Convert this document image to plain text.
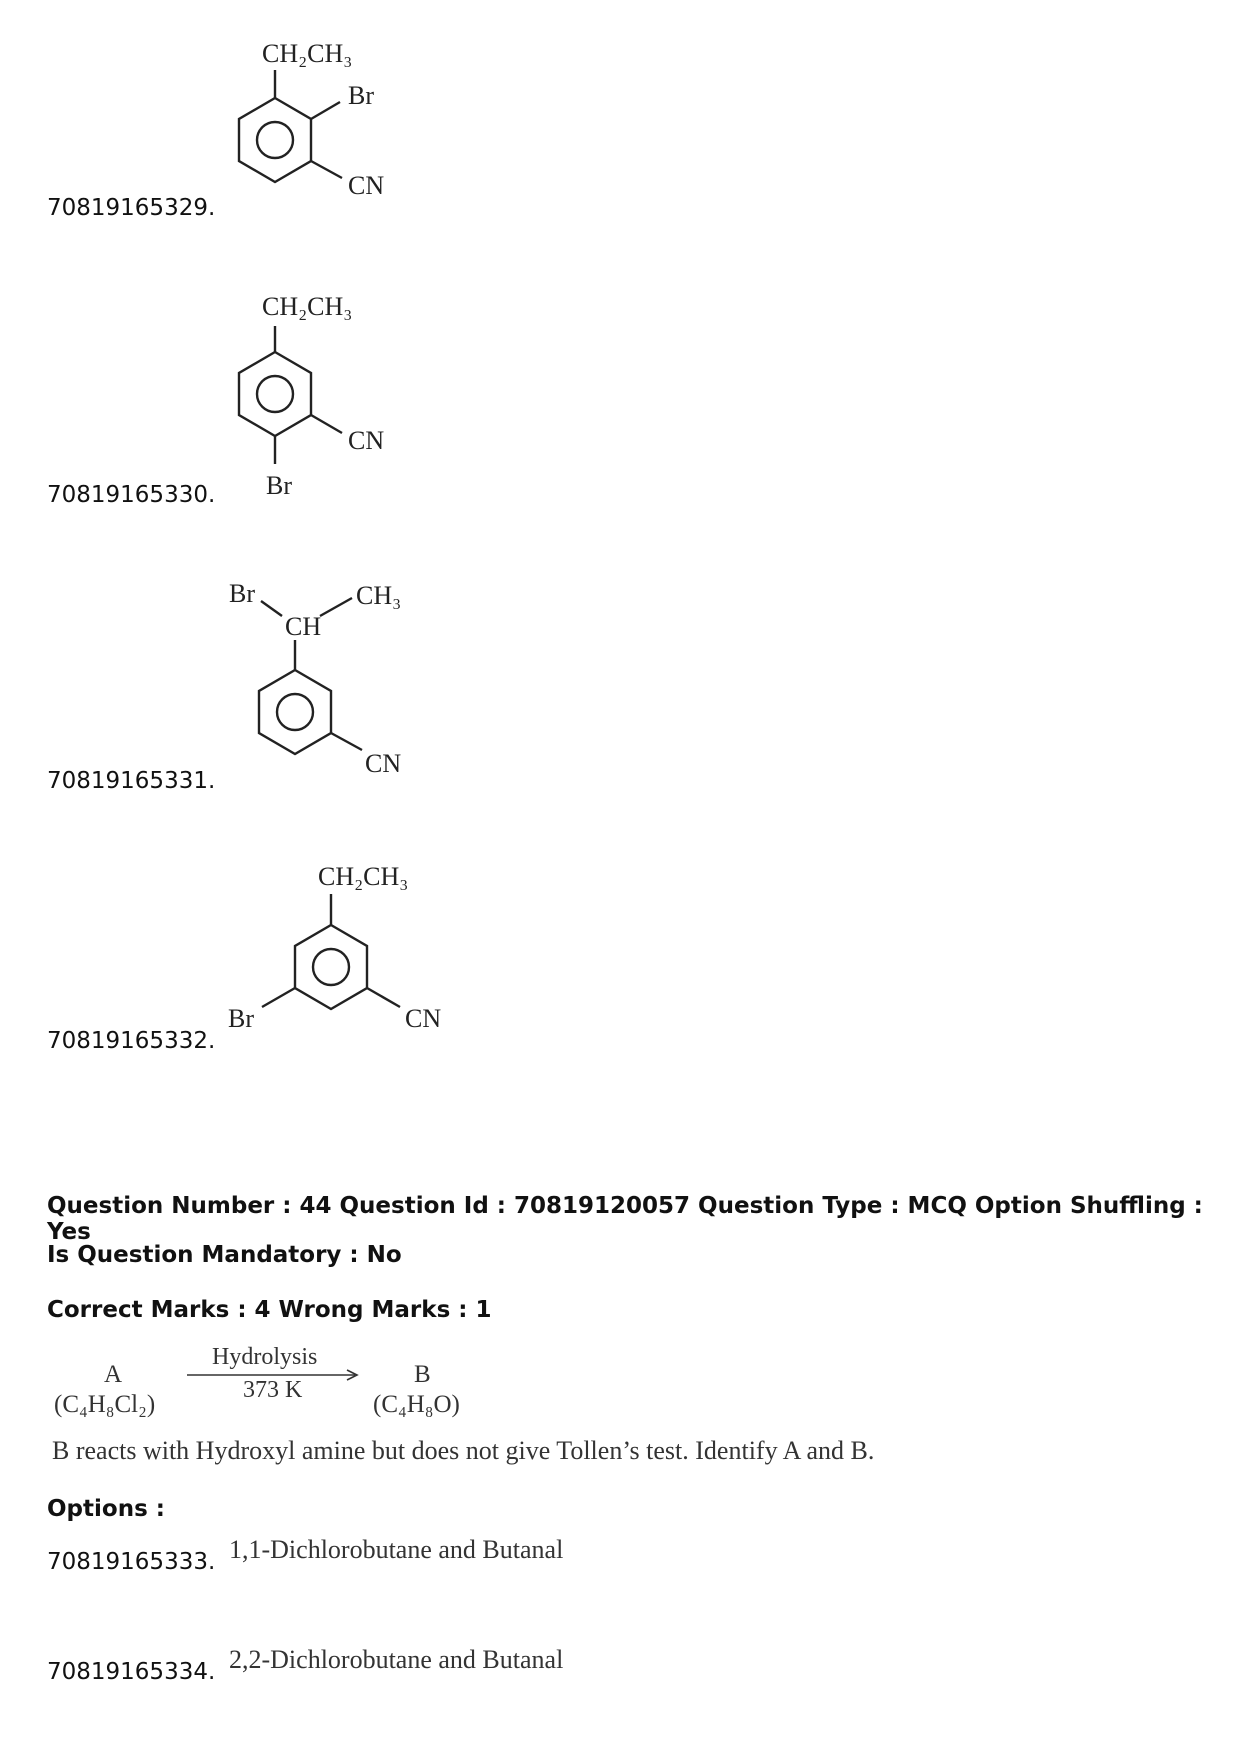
70819165329.
CH₂CH₃
Br
CN
70819165330.
CH₂CH₃
CN
Br
70819165331.
Br
CH
CH₃
CN
70819165332.
CH₂CH₃
Br	CN
Question Number : 44 Question Id : 70819120057 Question Type : MCQ Option Shuffling : Yes
Is Question Mandatory : No
Correct Marks : 4 Wrong Marks : 1
A
(C₄H₈Cl₂)
Hydrolysis
373 K
B
(C₄H₈O)
B reacts with Hydroxyl amine but does not give Tollen’s test. Identify A and B.
Options :
70819165333. 1,1-Dichlorobutane and Butanal
70819165334. 2,2-Dichlorobutane and Butanal
